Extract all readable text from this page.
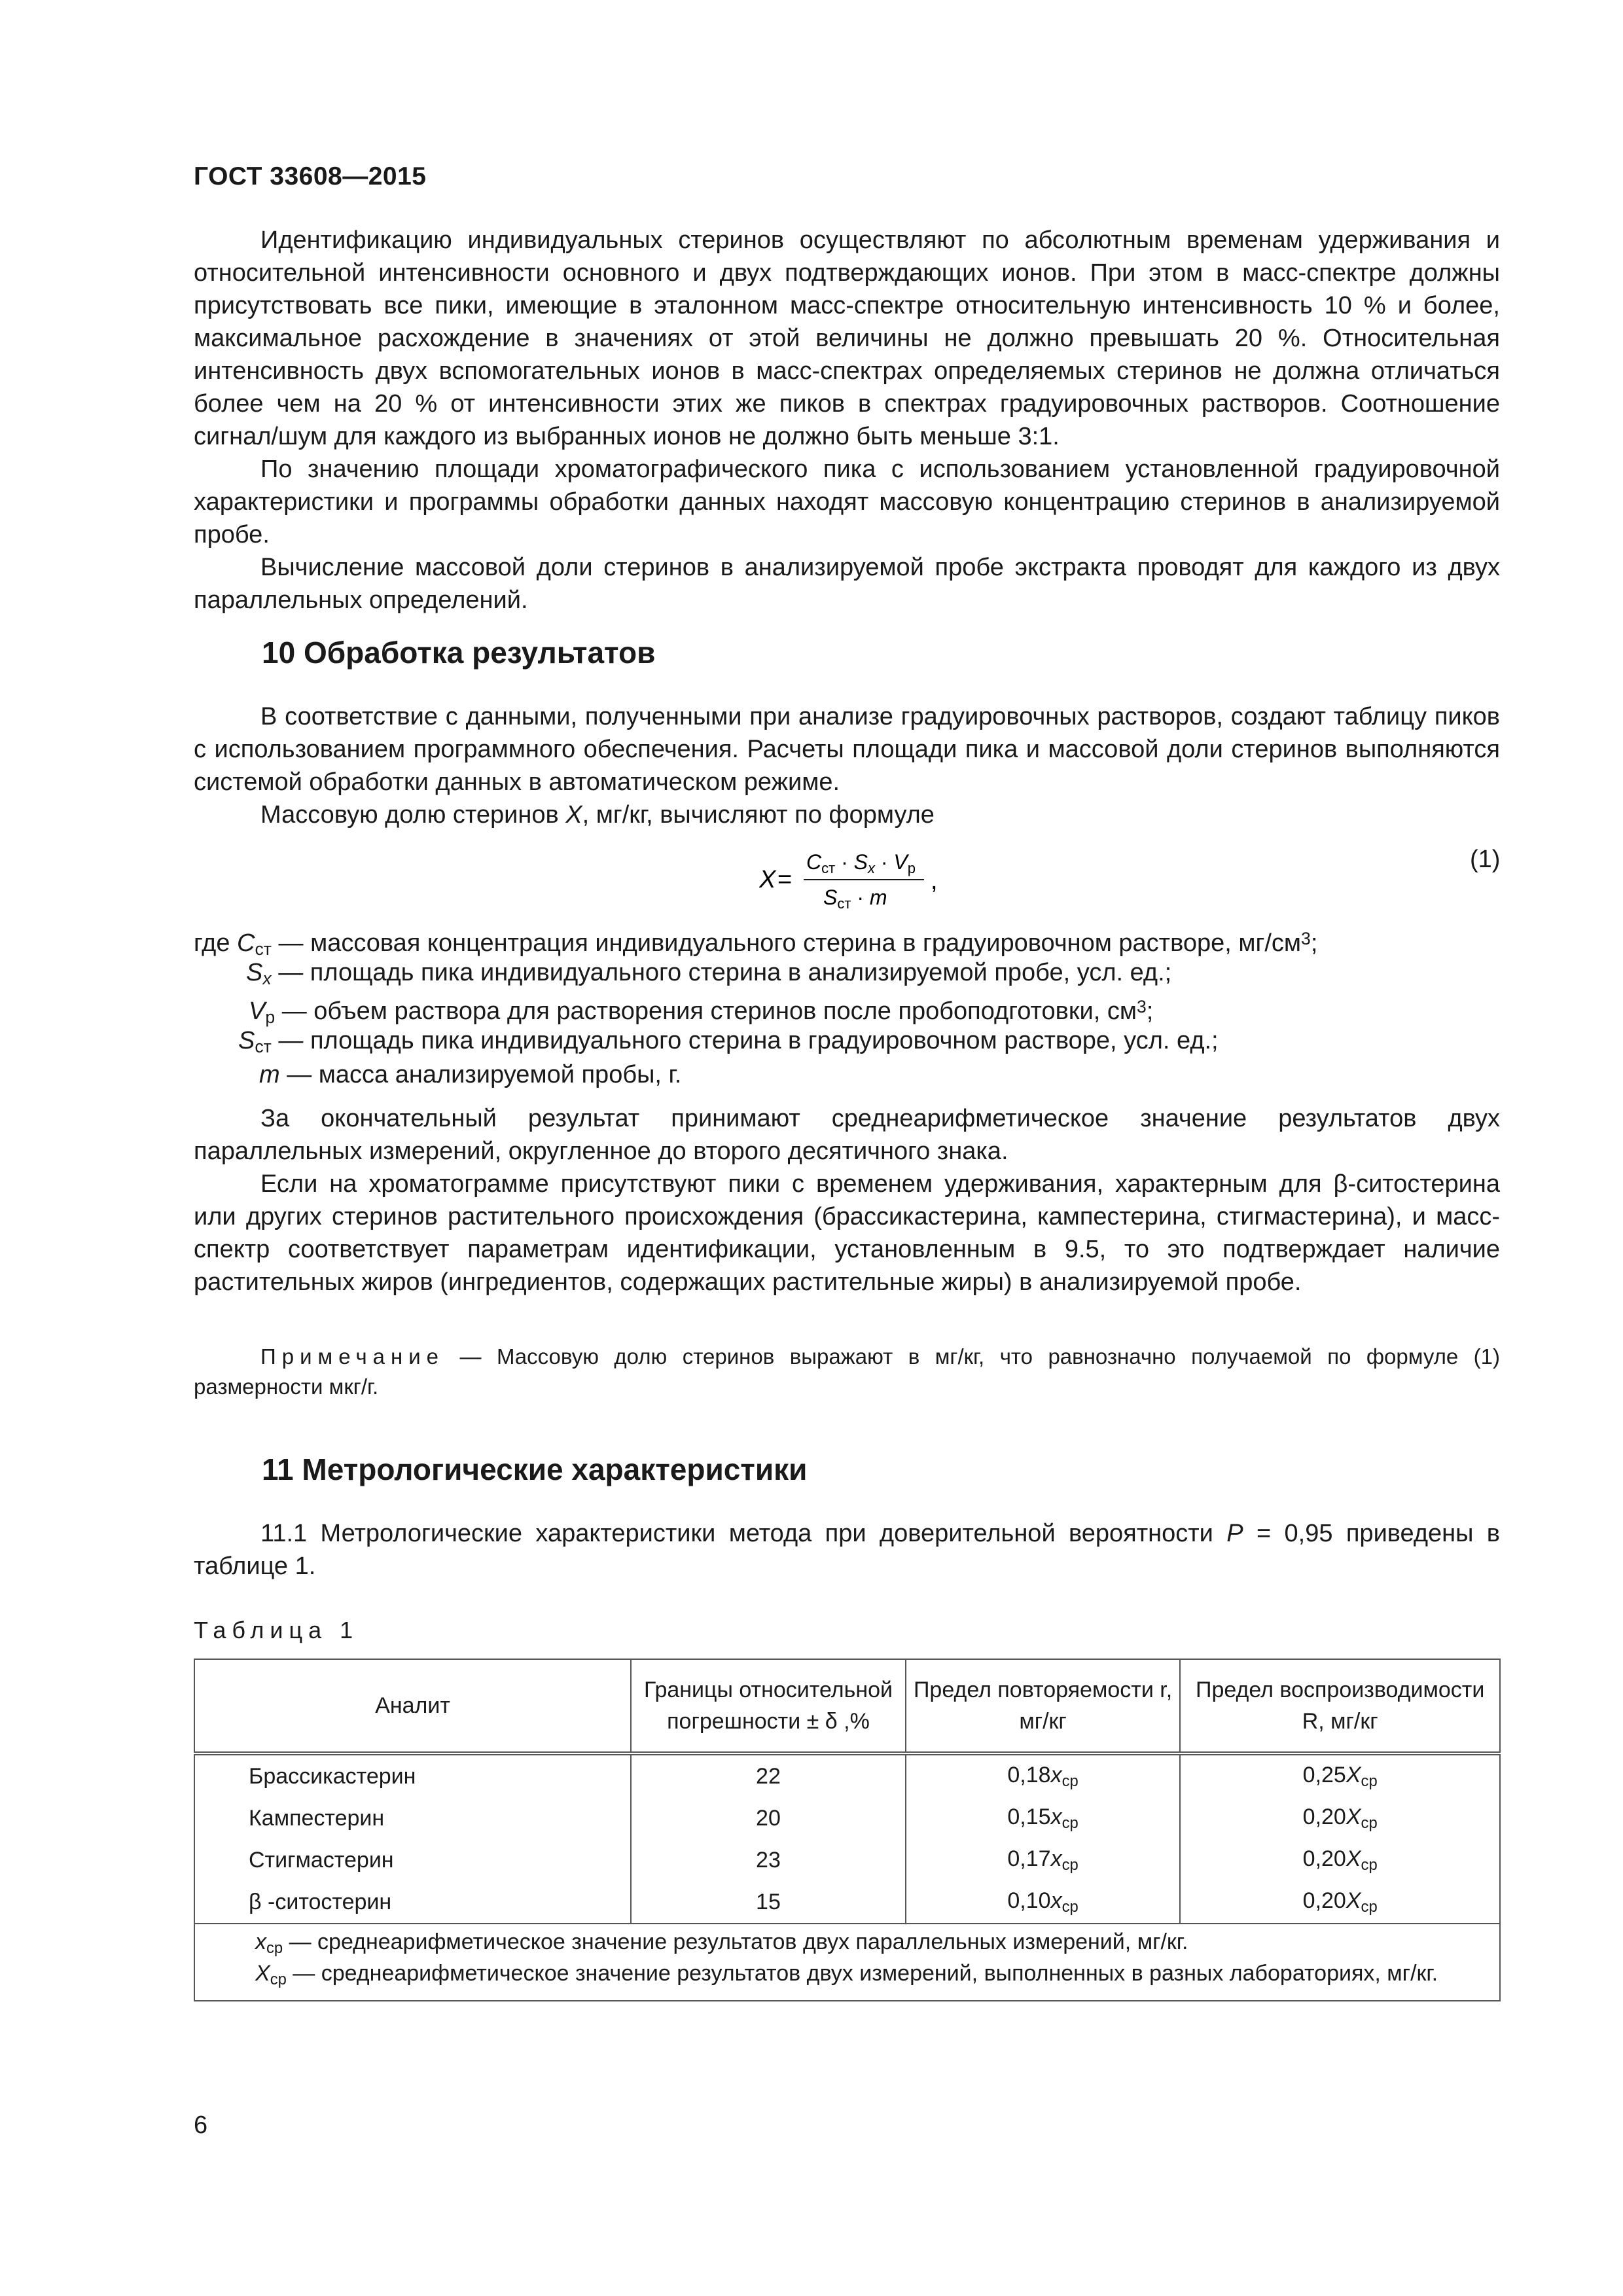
ГОСТ 33608—2015

Идентификацию индивидуальных стеринов осуществляют по абсолютным временам удерживания и относительной интенсивности основного и двух подтверждающих ионов. При этом в масс-спектре должны присутствовать все пики, имеющие в эталонном масс-спектре относительную интенсивность 10 % и более, максимальное расхождение в значениях от этой величины не должно превышать 20 %. Относительная интенсивность двух вспомогательных ионов в масс-спектрах определяемых стеринов не должна отличаться более чем на 20 % от интенсивности этих же пиков в спектрах градуировочных растворов. Соотношение сигнал/шум для каждого из выбранных ионов не должно быть меньше 3:1.

По значению площади хроматографического пика с использованием установленной градуировочной характеристики и программы обработки данных находят массовую концентрацию стеринов в анализируемой пробе.

Вычисление массовой доли стеринов в анализируемой пробе экстракта проводят для каждого из двух параллельных определений.

10 Обработка результатов

В соответствие с данными, полученными при анализе градуировочных растворов, создают таблицу пиков с использованием программного обеспечения. Расчеты площади пика и массовой доли стеринов выполняются системой обработки данных в автоматическом режиме.

Массовую долю стеринов X, мг/кг, вычисляют по формуле

X =
Cст · Sx · Vр
Sст · m
,
(1)
где $C_{ст}$ — массовая концентрация индивидуального стерина в градуировочном растворе, $мг/см^3$;
$S_x$ — площадь пика индивидуального стерина в анализируемой пробе, усл. ед.;
$V_р$ — объем раствора для растворения стеринов после пробоподготовки, $см^3$;
$S_{ст}$ — площадь пика индивидуального стерина в градуировочном растворе, усл. ед.;
m — масса анализируемой пробы, г.

За окончательный результат принимают среднеарифметическое значение результатов двух параллельных измерений, округленное до второго десятичного знака.

Если на хроматограмме присутствуют пики с временем удерживания, характерным для β-ситостерина или других стеринов растительного происхождения (брассикастерина, кампестерина, стигмастерина), и масс-спектр соответствует параметрам идентификации, установленным в 9.5, то это подтверждает наличие растительных жиров (ингредиентов, содержащих растительные жиры) в анализируемой пробе.

Примечание — Массовую долю стеринов выражают в мг/кг, что равнозначно получаемой по формуле (1) размерности мкг/г.
11 Метрологические характеристики

11.1 Метрологические характеристики метода при доверительной вероятности P = 0,95 приведены в таблице 1.

Таблица 1
Аналит	Границы относительной погрешности ± δ ,%	Предел повторяемости r, мг/кг	Предел воспроизводимости R, мг/кг
Брассикастерин	22	$0,18x_{ср}$	$0,25X_{ср}$
Кампестерин	20	$0,15x_{ср}$	$0,20X_{ср}$
Стигмастерин	23	$0,17x_{ср}$	$0,20X_{ср}$
β -ситостерин	15	$0,10x_{ср}$	$0,20X_{ср}$

$x_{ср}$ — среднеарифметическое значение результатов двух параллельных измерений, мг/кг.
$X_{ср}$ — среднеарифметическое значение результатов двух измерений, выполненных в разных лабораториях, мг/кг.			
6
